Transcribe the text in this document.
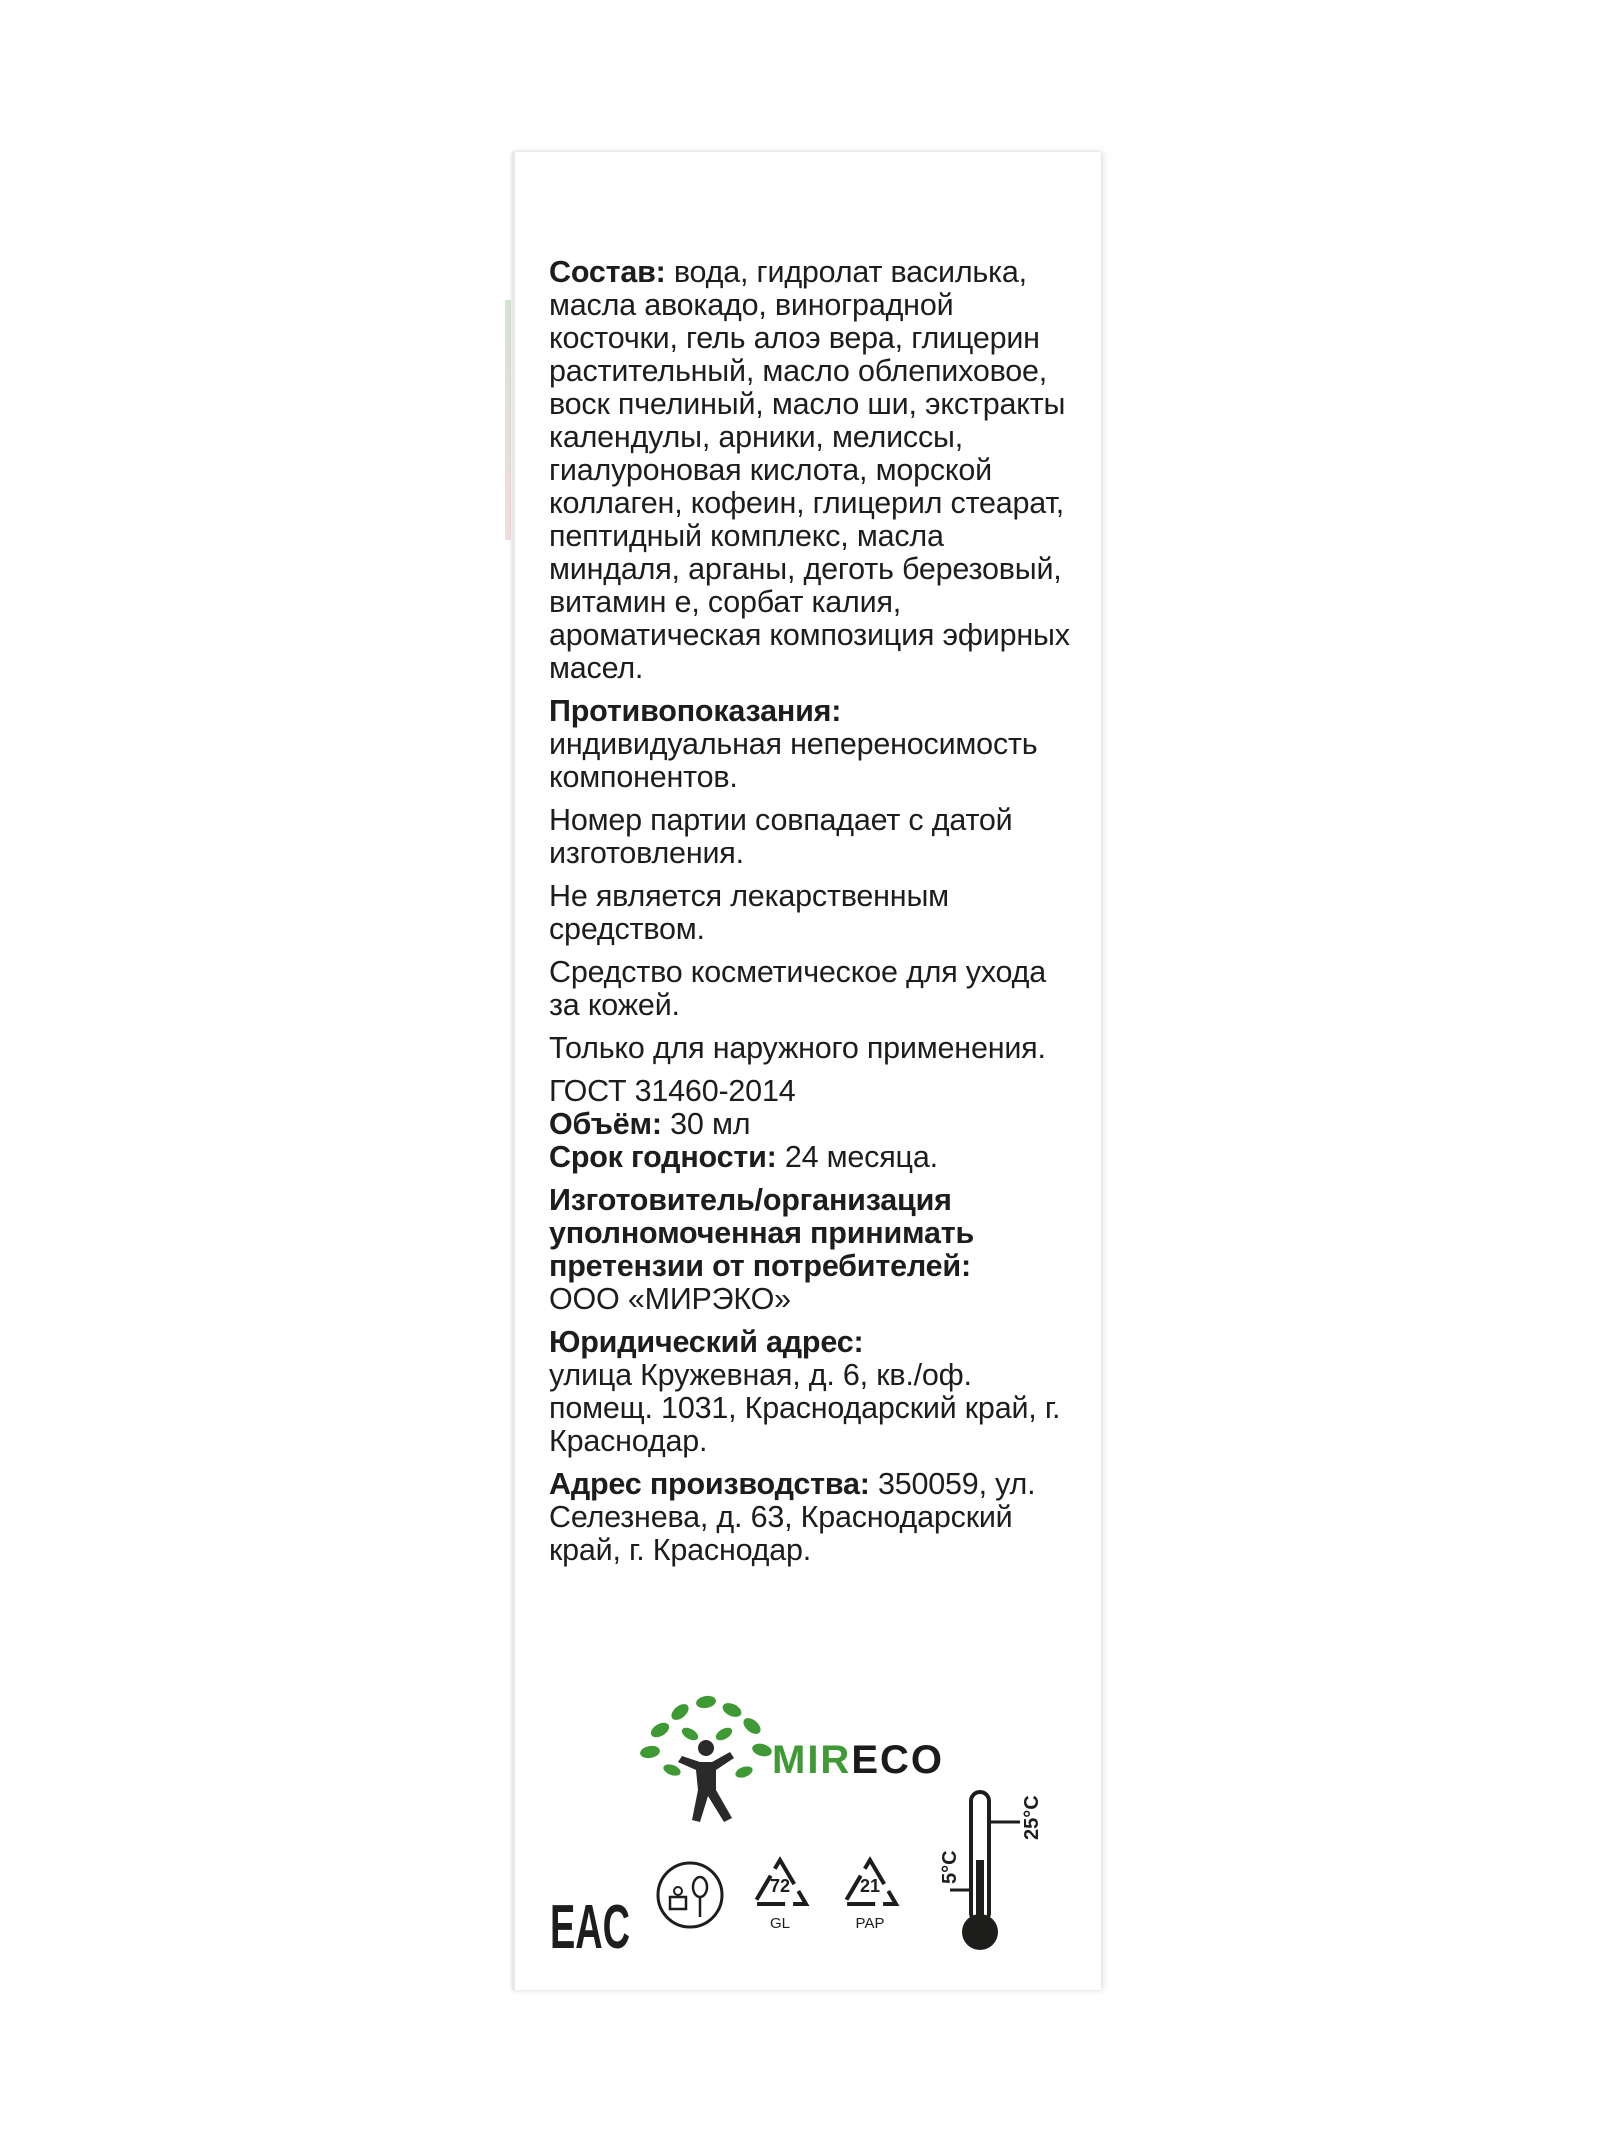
Состав: вода, гидролат василька, масла авокадо, виноградной косточки, гель алоэ вера, глицерин растительный, масло облепиховое, воск пчелиный, масло ши, экстракты календулы, арники, мелиссы, гиалуроновая кислота, морской коллаген, кофеин, глицерил стеарат, пептидный комплекс, масла миндаля, арганы, деготь березовый, витамин е, сорбат калия, ароматическая композиция эфирных масел.

Противопоказания:
индивидуальная непереносимость компонентов.

Номер партии совпадает с датой изготовления.

Не является лекарственным средством.

Средство косметическое для ухода за кожей.

Только для наружного применения.

ГОСТ 31460-2014

Объём: 30 мл

Срок годности: 24 месяца.

Изготовитель/организация уполномоченная принимать претензии от потребителей:
ООО «МИРЭКО»

Юридический адрес:
улица Кружевная, д. 6, кв./оф. помещ. 1031, Краснодарский край, г. Краснодар.

Адрес производства: 350059, ул. Селезнева, д. 63, Краснодарский край, г. Краснодар.

MIRECO
EAC
72
GL
21
PAP
25°C
5°C
